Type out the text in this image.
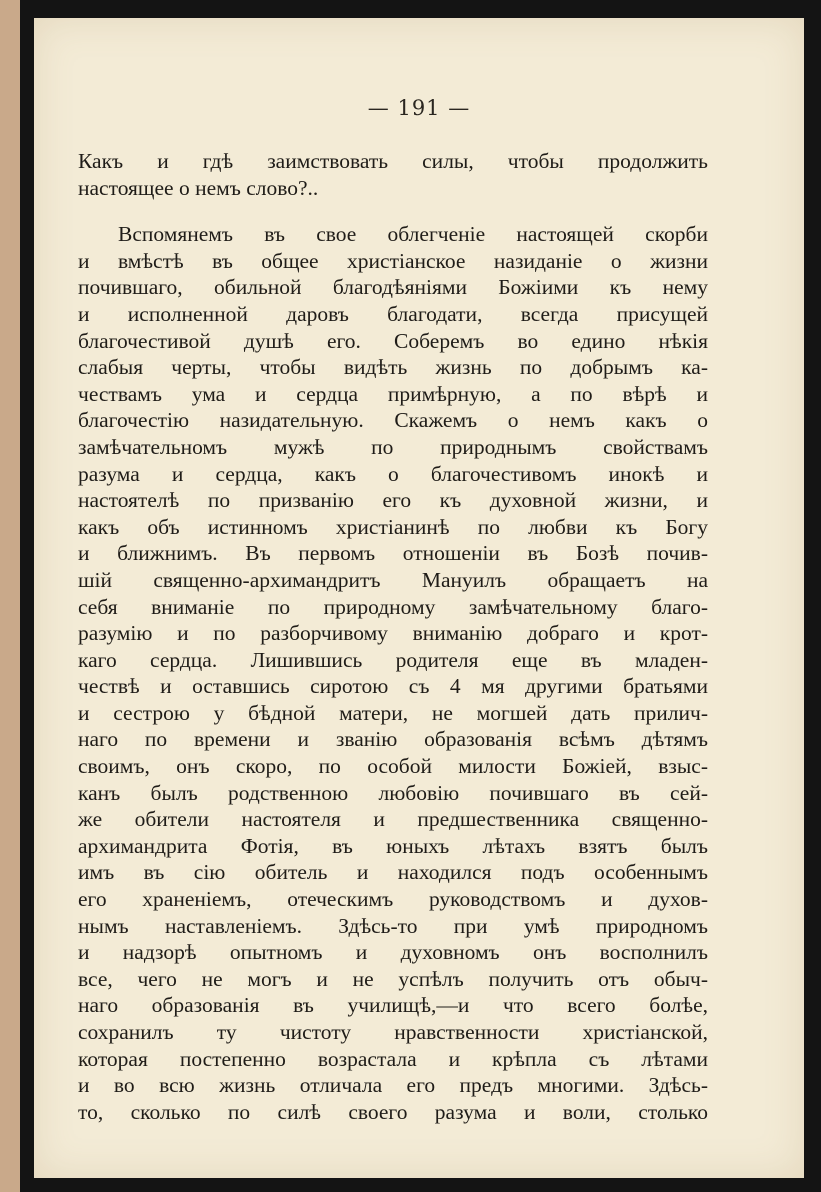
— 191 —
Какъ и гдѣ заимствовать силы, чтобы продолжить
настоящее о немъ слово?..
Вспомянемъ въ свое облегченіе настоящей скорби
и вмѣстѣ въ общее христіанское назиданіе о жизни
почившаго, обильной благодѣяніями Божіими къ нему
и исполненной даровъ благодати, всегда присущей
благочестивой душѣ его. Соберемъ во едино нѣкія
слабыя черты, чтобы видѣть жизнь по добрымъ ка-
чествамъ ума и сердца примѣрную, а по вѣрѣ и
благочестію назидательную. Скажемъ о немъ какъ о
замѣчательномъ мужѣ по природнымъ свойствамъ
разума и сердца, какъ о благочестивомъ инокѣ и
настоятелѣ по призванію его къ духовной жизни, и
какъ объ истинномъ христіанинѣ по любви къ Богу
и ближнимъ. Въ первомъ отношеніи въ Бозѣ почив-
шій священно-архимандритъ Мануилъ обращаетъ на
себя вниманіе по природному замѣчательному благо-
разумію и по разборчивому вниманію добраго и крот-
каго сердца. Лишившись родителя еще въ младен-
чествѣ и оставшись сиротою съ 4 мя другими братьями
и сестрою у бѣдной матери, не могшей дать прилич-
наго по времени и званію образованія всѣмъ дѣтямъ
своимъ, онъ скоро, по особой милости Божіей, взыс-
канъ былъ родственною любовію почившаго въ сей-
же обители настоятеля и предшественника священно-
архимандрита Фотія, въ юныхъ лѣтахъ взятъ былъ
имъ въ сію обитель и находился подъ особеннымъ
его храненіемъ, отеческимъ руководствомъ и духов-
нымъ наставленіемъ. Здѣсь-то при умѣ природномъ
и надзорѣ опытномъ и духовномъ онъ восполнилъ
все, чего не могъ и не успѣлъ получить отъ обыч-
наго образованія въ училищѣ,—и что всего болѣе,
сохранилъ ту чистоту нравственности христіанской,
которая постепенно возрастала и крѣпла съ лѣтами
и во всю жизнь отличала его предъ многими. Здѣсь-
то, сколько по силѣ своего разума и воли, столько
